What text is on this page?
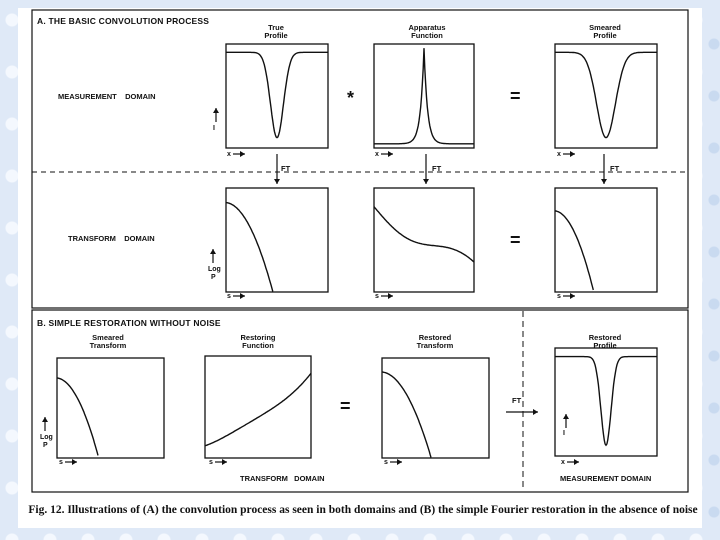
A. THE BASIC CONVOLUTION PROCESS
B. SIMPLE RESTORATION WITHOUT NOISE
True
Profile
Apparatus
Function
Smeared
Profile
Smeared
Transform
Restoring
Function
Restored
Transform
Restored
Profile
MEASUREMENT    DOMAIN
TRANSFORM    DOMAIN
TRANSFORM   DOMAIN	MEASUREMENT DOMAIN
*	=
=
=
FT	FT	FT
FT
I
I
Log
P
Log
P
x	x	x
x
s	s	s
s	s	s
Fig. 12. Illustrations of (A) the convolution process as seen in both domains and (B) the simple Fourier restoration in the absence of noise
